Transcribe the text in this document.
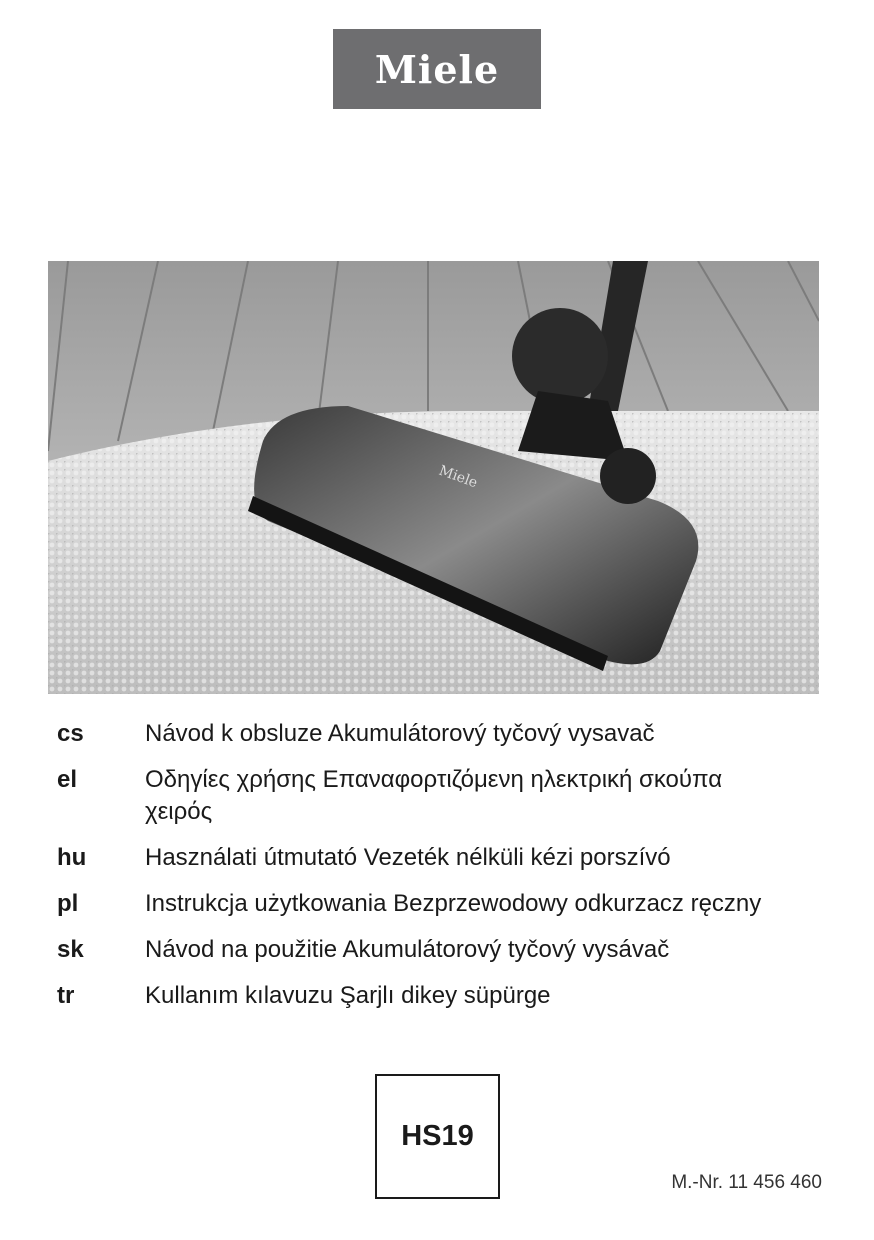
Miele
Miele
cs	Návod k obsluze Akumulátorový tyčový vysavač
el	Οδηγίες χρήσης Επαναφορτιζόμενη ηλεκτρική σκούπα χειρός
hu	Használati útmutató Vezeték nélküli kézi porszívó
pl	Instrukcja użytkowania Bezprzewodowy odkurzacz ręczny
sk	Návod na použitie Akumulátorový tyčový vysávač
tr	Kullanım kılavuzu Şarjlı dikey süpürge
HS19
M.-Nr. 11 456 460
